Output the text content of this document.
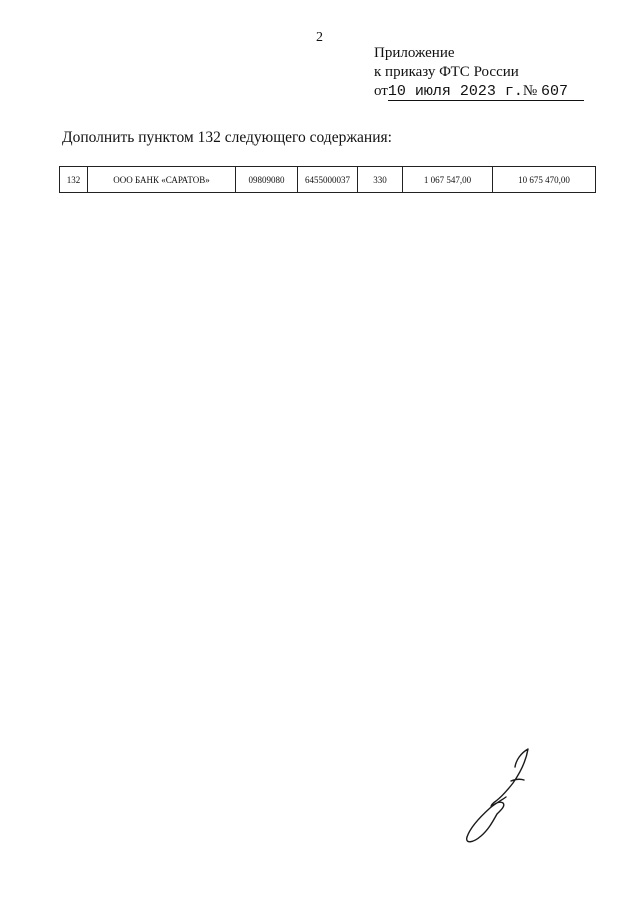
2
Приложение
к приказу ФТС России
от10 июля 2023 г.№ 607
Дополнить пунктом 132 следующего содержания:
132	ООО БАНК «САРАТОВ»	09809080	6455000037	330	1 067 547,00	10 675 470,00
